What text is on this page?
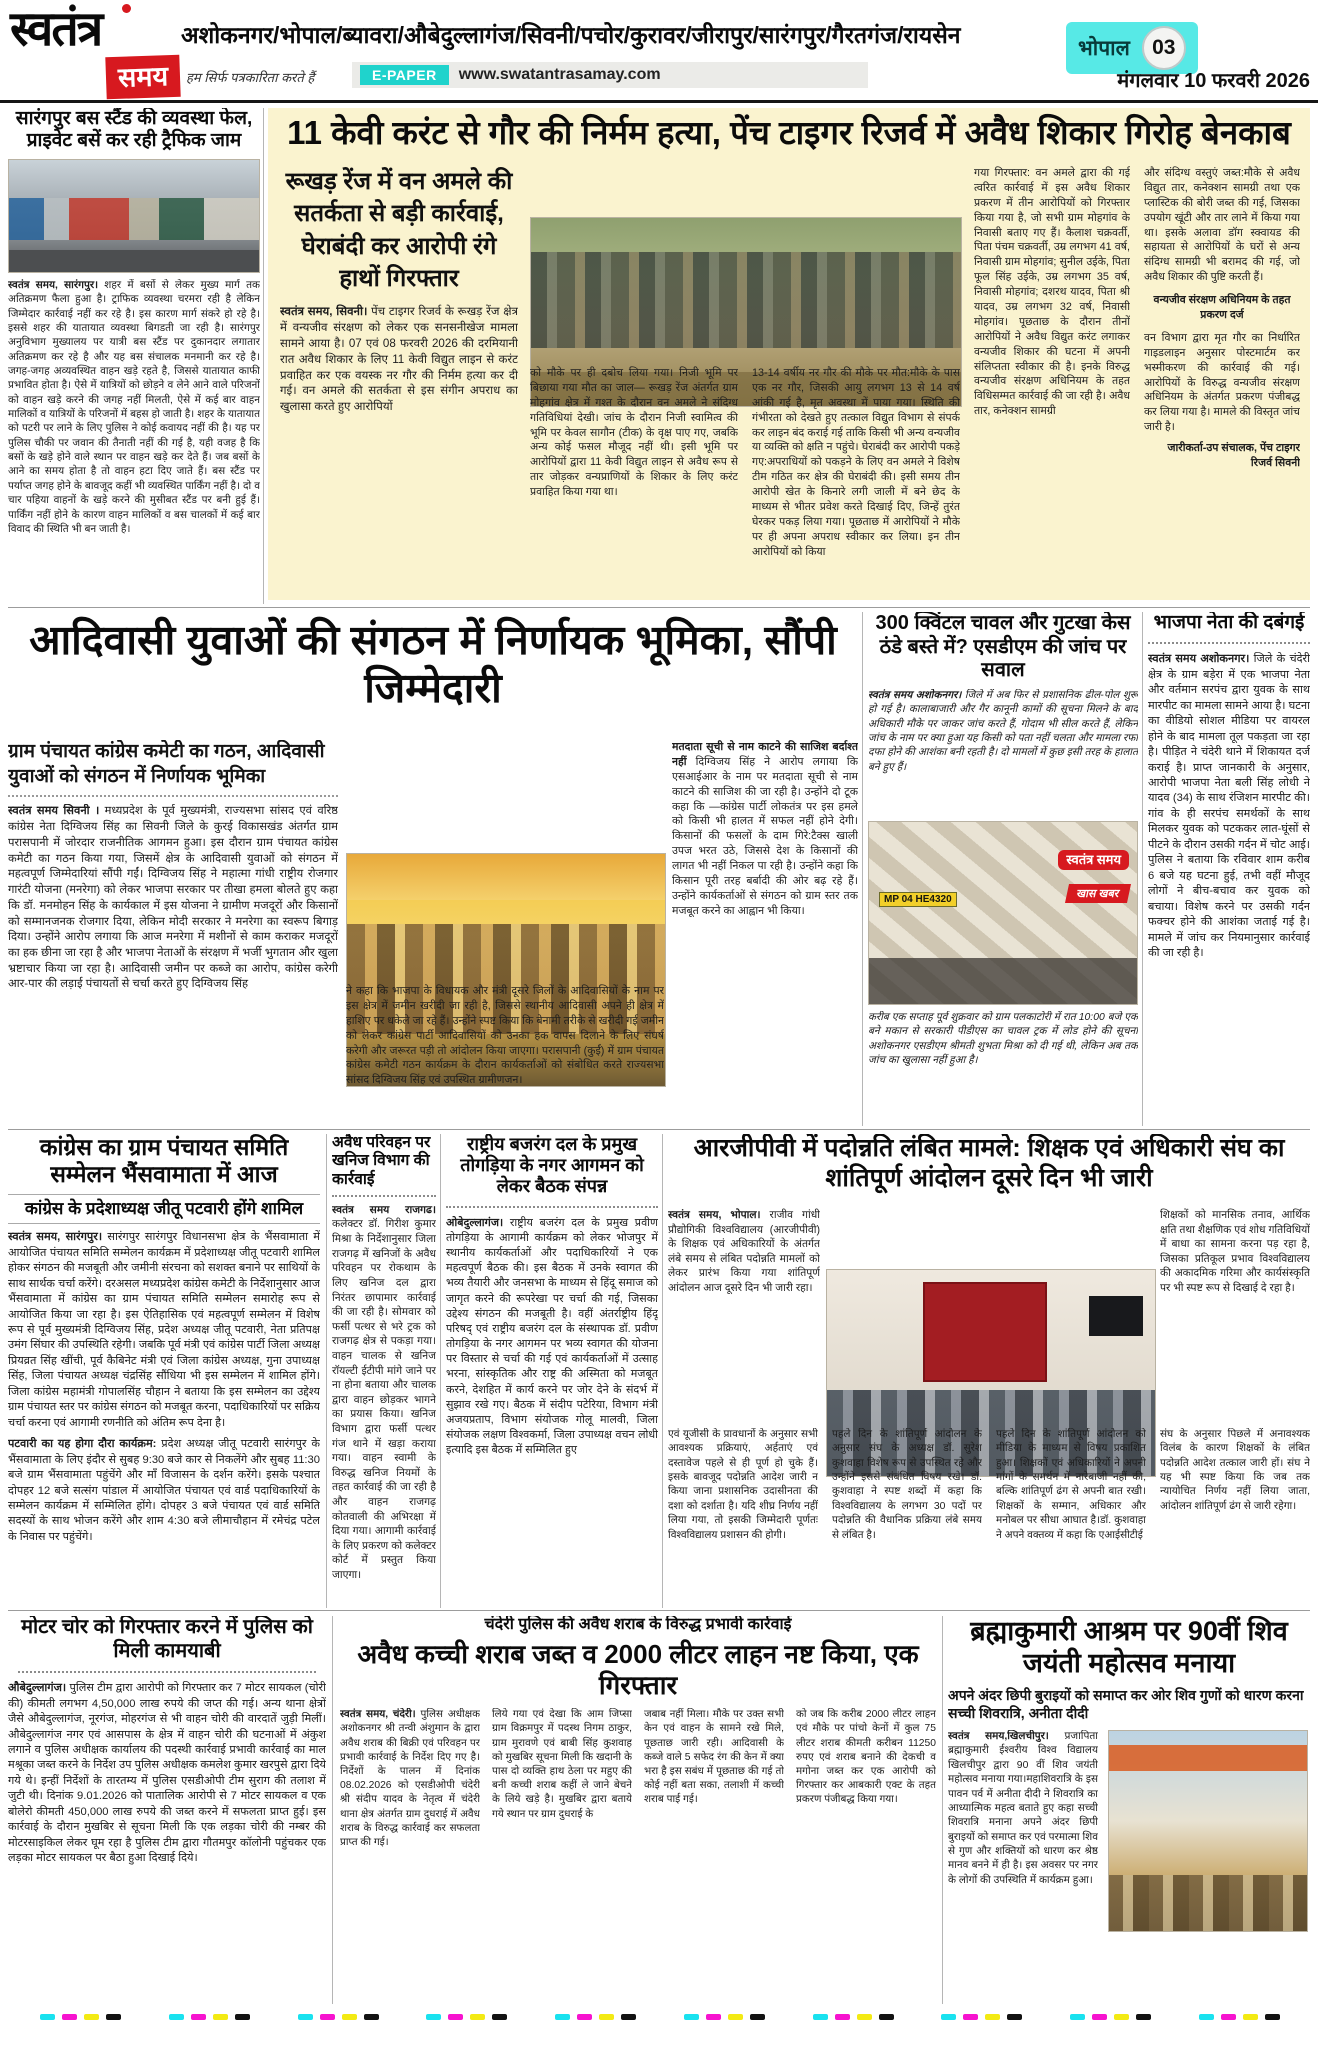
स्वतंत्र
समय
अशोकनगर/भोपाल/ब्यावरा/औबेदुल्लागंज/सिवनी/पचोर/कुरावर/जीरापुर/सारंगपुर/गैरतगंज/रायसेन
हम सिर्फ पत्रकारिता करते हैं	E-PAPER	www.swatantrasamay.com
भोपाल	03
मंगलवार 10 फरवरी 2026
सारंगपुर बस स्टैंड की व्यवस्था फेल, प्राइवेट बसें कर रही ट्रैफिक जाम

स्वतंत्र समय, सारंगपुर। शहर में बसों से लेकर मुख्य मार्ग तक अतिक्रमण फैला हुआ है। ट्राफिक व्यवस्था चरमरा रही है लेकिन जिम्मेदार कार्रवाई नहीं कर रहे है। इस कारण मार्ग संकरे हो रहे है। इससे शहर की यातायात व्यवस्था बिगडती जा रही है। सारंगपुर अनुविभाग मुख्यालय पर यात्री बस स्टैंड पर दुकानदार लगातार अतिक्रमण कर रहे है और यह बस संचालक मनमानी कर रहे है। जगह-जगह अव्यवस्थित वाहन खड़े रहते है, जिससे यातायात काफी प्रभावित होता है। ऐसे में यात्रियों को छोड़ने व लेने आने वाले परिजनों को वाहन खड़े करने की जगह नहीं मिलती, ऐसे में कई बार वाहन मालिकों व यात्रियों के परिजनों में बहस हो जाती है। शहर के यातायात को पटरी पर लाने के लिए पुलिस ने कोई कवायद नहीं की है। यह पर पुलिस चौकी पर जवान की तैनाती नहीं की गई है, यही वजह है कि बसों के खड़े होने वाले स्थान पर वाहन खड़े कर देते हैं। जब बसों के आने का समय होता है तो वाहन हटा दिए जाते हैं। बस स्टैंड पर पर्याप्त जगह होने के बावजूद कहीं भी व्यवस्थित पार्किंग नहीं है। दो व चार पहिया वाहनों के खड़े करने की मुसीबत स्टैंड पर बनी हुई हैं। पार्किंग नहीं होने के कारण वाहन मालिकों व बस चालकों में कई बार विवाद की स्थिति भी बन जाती है।

11 केवी करंट से गौर की निर्मम हत्या, पेंच टाइगर रिजर्व में अवैध शिकार गिरोह बेनकाब
रूखड़ रेंज में वन अमले की सतर्कता से बड़ी कार्रवाई, घेराबंदी कर आरोपी रंगे हाथों गिरफ्तार

स्वतंत्र समय, सिवनी। पेंच टाइगर रिजर्व के रूखड़ रेंज क्षेत्र में वन्यजीव संरक्षण को लेकर एक सनसनीखेज मामला सामने आया है। 07 एवं 08 फरवरी 2026 की दरमियानी रात अवैध शिकार के लिए 11 केवी विद्युत लाइन से करंट प्रवाहित कर एक वयस्क नर गौर की निर्मम हत्या कर दी गई। वन अमले की सतर्कता से इस संगीन अपराध का खुलासा करते हुए आरोपियों

को मौके पर ही दबोच लिया गया। निजी भूमि पर बिछाया गया मौत का जाल— रूखड़ रेंज अंतर्गत ग्राम मोहगांव क्षेत्र में गश्त के दौरान वन अमले ने संदिग्ध गतिविधियां देखी। जांच के दौरान निजी स्वामित्व की भूमि पर केवल सागौन (टीक) के वृक्ष पाए गए, जबकि अन्य कोई फसल मौजूद नहीं थी। इसी भूमि पर आरोपियों द्वारा 11 केवी विद्युत लाइन से अवैध रूप से तार जोड़कर वन्यप्राणियों के शिकार के लिए करंट प्रवाहित किया गया था।

13-14 वर्षीय नर गौर की मौके पर मौत:मौके के पास एक नर गौर, जिसकी आयु लगभग 13 से 14 वर्ष आंकी गई है, मृत अवस्था में पाया गया। स्थिति की गंभीरता को देखते हुए तत्काल विद्युत विभाग से संपर्क कर लाइन बंद कराई गई ताकि किसी भी अन्य वन्यजीव या व्यक्ति को क्षति न पहुंचे। घेराबंदी कर आरोपी पकड़े गए:अपराधियों को पकड़ने के लिए वन अमले ने विशेष टीम गठित कर क्षेत्र की घेराबंदी की। इसी समय तीन आरोपी खेत के किनारे लगी जाली में बने छेद के माध्यम से भीतर प्रवेश करते दिखाई दिए, जिन्हें तुरंत घेरकर पकड़ लिया गया। पूछताछ में आरोपियों ने मौके पर ही अपना अपराध स्वीकार कर लिया। इन तीन आरोपियों को किया

गया गिरफ्तार: वन अमले द्वारा की गई त्वरित कार्रवाई में इस अवैध शिकार प्रकरण में तीन आरोपियों को गिरफ्तार किया गया है, जो सभी ग्राम मोहगांव के निवासी बताए गए हैं। कैलाश चक्रवर्ती, पिता पंचम चक्रवर्ती, उम्र लगभग 41 वर्ष, निवासी ग्राम मोहगांव; सुनील उईके, पिता फूल सिंह उईके, उम्र लगभग 35 वर्ष, निवासी मोहगांव; दशरथ यादव, पिता श्री यादव, उम्र लगभग 32 वर्ष, निवासी मोहगांव। पूछताछ के दौरान तीनों आरोपियों ने अवैध विद्युत करंट लगाकर वन्यजीव शिकार की घटना में अपनी संलिप्तता स्वीकार की है। इनके विरुद्ध वन्यजीव संरक्षण अधिनियम के तहत विधिसम्मत कार्रवाई की जा रही है। अवैध तार, कनेक्शन सामग्री

और संदिग्ध वस्तुएं जब्त:मौके से अवैध विद्युत तार, कनेक्शन सामग्री तथा एक प्लास्टिक की बोरी जब्त की गई, जिसका उपयोग खूंटी और तार लाने में किया गया था। इसके अलावा डॉग स्क्वायड की सहायता से आरोपियों के घरों से अन्य संदिग्ध सामग्री भी बरामद की गई, जो अवैध शिकार की पुष्टि करती हैं।

वन्यजीव संरक्षण अधिनियम के तहत प्रकरण दर्ज

वन विभाग द्वारा मृत गौर का निर्धारित गाइडलाइन अनुसार पोस्टमार्टम कर भस्मीकरण की कार्रवाई की गई। आरोपियों के विरुद्ध वन्यजीव संरक्षण अधिनियम के अंतर्गत प्रकरण पंजीबद्ध कर लिया गया है। मामले की विस्तृत जांच जारी है।

जारीकर्ता-उप संचालक, पेंच टाइगर रिजर्व सिवनी

आदिवासी युवाओं की संगठन में निर्णायक भूमिका, सौंपी जिम्मेदारी
ग्राम पंचायत कांग्रेस कमेटी का गठन, आदिवासी युवाओं को संगठन में निर्णायक भूमिका

स्वतंत्र समय सिवनी । मध्यप्रदेश के पूर्व मुख्यमंत्री, राज्यसभा सांसद एवं वरिष्ठ कांग्रेस नेता दिग्विजय सिंह का सिवनी जिले के कुरई विकासखंड अंतर्गत ग्राम परासपानी में जोरदार राजनीतिक आगमन हुआ। इस दौरान ग्राम पंचायत कांग्रेस कमेटी का गठन किया गया, जिसमें क्षेत्र के आदिवासी युवाओं को संगठन में महत्वपूर्ण जिम्मेदारियां सौंपी गईं। दिग्विजय सिंह ने महात्मा गांधी राष्ट्रीय रोजगार गारंटी योजना (मनरेगा) को लेकर भाजपा सरकार पर तीखा हमला बोलते हुए कहा कि डॉ. मनमोहन सिंह के कार्यकाल में इस योजना ने ग्रामीण मजदूरों और किसानों को सम्मानजनक रोजगार दिया, लेकिन मोदी सरकार ने मनरेगा का स्वरूप बिगाड़ दिया। उन्होंने आरोप लगाया कि आज मनरेगा में मशीनों से काम कराकर मजदूरों का हक छीना जा रहा है और भाजपा नेताओं के संरक्षण में भर्जी भुगतान और खुला भ्रष्टाचार किया जा रहा है। आदिवासी जमीन पर कब्जे का आरोप, कांग्रेस करेगी आर-पार की लड़ाई पंचायतों से चर्चा करते हुए दिग्विजय सिंह

ने कहा कि भाजपा के विधायक और मंत्री दूसरे जिलों के आदिवासियों के नाम पर इस क्षेत्र में जमीन खरीदी जा रही है, जिससे स्थानीय आदिवासी अपने ही क्षेत्र में हाशिए पर धकेले जा रहे हैं। उन्होंने स्पष्ट किया कि बेनामी तरीके से खरीदी गई जमीन को लेकर कांग्रेस पार्टी आदिवासियों को उनका हक वापस दिलाने के लिए संघर्ष करेगी और जरूरत पड़ी तो आंदोलन किया जाएगा। परासपानी (कुर्ई) में ग्राम पंचायत कांग्रेस कमेटी गठन कार्यक्रम के दौरान कार्यकर्ताओं को संबोधित करते राज्यसभा सांसद दिग्विजय सिंह एवं उपस्थित ग्रामीणजन।

मतदाता सूची से नाम काटने की साजिश बर्दाश्त नहीं दिग्विजय सिंह ने आरोप लगाया कि एसआईआर के नाम पर मतदाता सूची से नाम काटने की साजिश की जा रही है। उन्होंने दो टूक कहा कि —कांग्रेस पार्टी लोकतंत्र पर इस हमले को किसी भी हालत में सफल नहीं होने देगी। किसानों की फसलों के दाम गिरे:टैक्स खाली उपज भरत उठे, जिससे देश के किसानों की लागत भी नहीं निकल पा रही है। उन्होंने कहा कि किसान पूरी तरह बर्बादी की ओर बढ़ रहे हैं। उन्होंने कार्यकर्ताओं से संगठन को ग्राम स्तर तक मजबूत करने का आह्वान भी किया।

300 क्विंटल चावल और गुटखा केस ठंडे बस्ते में? एसडीएम की जांच पर सवाल

स्वतंत्र समय अशोकनगर। जिले में अब फिर से प्रशासनिक ढील-पोल शुरू हो गई है। कालाबाजारी और गैर कानूनी कामों की सूचना मिलने के बाद अधिकारी मौके पर जाकर जांच करते हैं, गोदाम भी सील करते हैं, लेकिन जांच के नाम पर क्या हुआ यह किसी को पता नहीं चलता और मामला रफा दफा होने की आशंका बनी रहती है। दो मामलों में कुछ इसी तरह के हालात बने हुए हैं।

MP 04 HE4320
स्वतंत्र समय
खास खबर

करीब एक सप्ताह पूर्व शुक्रवार को ग्राम पलकाटोरी में रात 10:00 बजे एक बने मकान से सरकारी पीडीएस का चावल ट्रक में लोड होने की सूचना अशोकनगर एसडीएम श्रीमती शुभता मिश्रा को दी गई थी, लेकिन अब तक जांच का खुलासा नहीं हुआ है।

भाजपा नेता की दबंगई

स्वतंत्र समय अशोकनगर। जिले के चंदेरी क्षेत्र के ग्राम बड़ेरा में एक भाजपा नेता और वर्तमान सरपंच द्वारा युवक के साथ मारपीट का मामला सामने आया है। घटना का वीडियो सोशल मीडिया पर वायरल होने के बाद मामला तूल पकड़ता जा रहा है। पीड़ित ने चंदेरी थाने में शिकायत दर्ज कराई है। प्राप्त जानकारी के अनुसार, आरोपी भाजपा नेता बली सिंह लोधी ने यादव (34) के साथ रंजिशन मारपीट की। गांव के ही सरपंच समर्थकों के साथ मिलकर युवक को पटककर लात-घूंसों से पीटने के दौरान उसकी गर्दन में चोट आई। पुलिस ने बताया कि रविवार शाम करीब 6 बजे यह घटना हुई, तभी वहीं मौजूद लोगों ने बीच-बचाव कर युवक को बचाया। विशेष करने पर उसकी गर्दन फक्चर होने की आशंका जताई गई है। मामले में जांच कर नियमानुसार कार्रवाई की जा रही है।

कांग्रेस का ग्राम पंचायत समिति सम्मेलन भैंसवामाता में आज
कांग्रेस के प्रदेशाध्यक्ष जीतू पटवारी होंगे शामिल

स्वतंत्र समय, सारंगपुर। सारंगपुर सारंगपुर विधानसभा क्षेत्र के भैंसवामाता में आयोजित पंचायत समिति सम्मेलन कार्यक्रम में प्रदेशाध्यक्ष जीतू पटवारी शामिल होकर संगठन की मजबूती और जमीनी संरचना को सशक्त बनाने पर साथियों के साथ सार्थक चर्चा करेंगे। दरअसल मध्यप्रदेश कांग्रेस कमेटी के निर्देशानुसार आज भैंसवामाता में कांग्रेस का ग्राम पंचायत समिति सम्मेलन समारोह रूप से आयोजित किया जा रहा है। इस ऐतिहासिक एवं महत्वपूर्ण सम्मेलन में विशेष रूप से पूर्व मुख्यमंत्री दिग्विजय सिंह, प्रदेश अध्यक्ष जीतू पटवारी, नेता प्रतिपक्ष उमंग सिंघार की उपस्थिति रहेगी। जबकि पूर्व मंत्री एवं कांग्रेस पार्टी जिला अध्यक्ष प्रियव्रत सिंह खींची, पूर्व कैबिनेट मंत्री एवं जिला कांग्रेस अध्यक्ष, गुना उपाध्यक्ष सिंह, जिला पंचायत अध्यक्ष चंद्रसिंह सौंधिया भी इस सम्मेलन में शामिल होंगे। जिला कांग्रेस महामंत्री गोपालसिंह चौहान ने बताया कि इस सम्मेलन का उद्देश्य ग्राम पंचायत स्तर पर कांग्रेस संगठन को मजबूत करना, पदाधिकारियों पर सक्रिय चर्चा करना एवं आगामी रणनीति को अंतिम रूप देना है।

पटवारी का यह होगा दौरा कार्यक्रम: प्रदेश अध्यक्ष जीतू पटवारी सारंगपुर के भैंसवामाता के लिए इंदौर से सुबह 9:30 बजे कार से निकलेंगे और सुबह 11:30 बजे ग्राम भैंसवामाता पहुंचेंगे और माँ विजासन के दर्शन करेंगे। इसके पश्चात दोपहर 12 बजे सत्संग पांडाल में आयोजित पंचायत एवं वार्ड पदाधिकारियों के सम्मेलन कार्यक्रम में सम्मिलित होंगे। दोपहर 3 बजे पंचायत एवं वार्ड समिति सदस्यों के साथ भोजन करेंगे और शाम 4:30 बजे लीमाचौहान में रमेचंद्र पटेल के निवास पर पहुंचेंगे।

अवैध परिवहन पर खनिज विभाग की कार्रवाई

स्वतंत्र समय राजगढ। कलेक्टर डॉ. गिरीश कुमार मिश्रा के निर्देशानुसार जिला राजगढ़ में खनिजों के अवैध परिवहन पर रोकथाम के लिए खनिज दल द्वारा निरंतर छापामार कार्रवाई की जा रही है। सोमवार को फर्सी पत्थर से भरे ट्रक को राजगढ़ क्षेत्र से पकड़ा गया। वाहन चालक से खनिज रॉयल्टी ईटीपी मांगे जाने पर ना होना बताया और चालक द्वारा वाहन छोड़कर भागने का प्रयास किया। खनिज विभाग द्वारा फर्सी पत्थर गंज थाने में खड़ा कराया गया। वाहन स्वामी के विरुद्ध खनिज नियमों के तहत कार्रवाई की जा रही है और वाहन राजगढ़ कोतवाली की अभिरक्षा में दिया गया। आगामी कार्रवाई के लिए प्रकरण को कलेक्टर कोर्ट में प्रस्तुत किया जाएगा।

राष्ट्रीय बजरंग दल के प्रमुख तोगड़िया के नगर आगमन को लेकर बैठक संपन्न

ओबेदुल्लागंज। राष्ट्रीय बजरंग दल के प्रमुख प्रवीण तोगड़िया के आगामी कार्यक्रम को लेकर भोजपुर में स्थानीय कार्यकर्ताओं और पदाधिकारियों ने एक महत्वपूर्ण बैठक की। इस बैठक में उनके स्वागत की भव्य तैयारी और जनसभा के माध्यम से हिंदू समाज को जागृत करने की रूपरेखा पर चर्चा की गई, जिसका उद्देश्य संगठन की मजबूती है। वहीं अंतर्राष्ट्रीय हिंदू परिषद् एवं राष्ट्रीय बजरंग दल के संस्थापक डॉ. प्रवीण तोगड़िया के नगर आगमन पर भव्य स्वागत की योजना पर विस्तार से चर्चा की गई एवं कार्यकर्ताओं में उत्साह भरना, सांस्कृतिक और राष्ट्र की अस्मिता को मजबूत करने, देशहित में कार्य करने पर जोर देने के संदर्भ में सुझाव रखे गए। बैठक में संदीप पटेरिया, विभाग मंत्री अजयप्रताप, विभाग संयोजक गोलू मालवी, जिला संयोजक लक्षण विश्वकर्मा, जिला उपाध्यक्ष वचन लोधी इत्यादि इस बैठक में सम्मिलित हुए

आरजीपीवी में पदोन्नति लंबित मामले: शिक्षक एवं अधिकारी संघ का शांतिपूर्ण आंदोलन दूसरे दिन भी जारी

स्वतंत्र समय, भोपाल। राजीव गांधी प्रौद्योगिकी विश्वविद्यालय (आरजीपीवी) के शिक्षक एवं अधिकारियों के अंतर्गत लंबे समय से लंबित पदोन्नति मामलों को लेकर प्रारंभ किया गया शांतिपूर्ण आंदोलन आज दूसरे दिन भी जारी रहा।

शिक्षकों को मानसिक तनाव, आर्थिक क्षति तथा शैक्षणिक एवं शोध गतिविधियों में बाधा का सामना करना पड़ रहा है, जिसका प्रतिकूल प्रभाव विश्वविद्यालय की अकादमिक गरिमा और कार्यसंस्कृति पर भी स्पष्ट रूप से दिखाई दे रहा है।

एवं यूजीसी के प्रावधानों के अनुसार सभी आवश्यक प्रक्रियाएं, अर्हताएं एवं दस्तावेज पहले से ही पूर्ण हो चुके हैं। इसके बावजूद पदोन्नति आदेश जारी न किया जाना प्रशासनिक उदासीनता की दशा को दर्शाता है। यदि शीघ्र निर्णय नहीं लिया गया, तो इसकी जिम्मेदारी पूर्णतः विश्वविद्यालय प्रशासन की होगी।

पहले दिन के शांतिपूर्ण आंदोलन के अनुसार संघ के अध्यक्ष डॉ. सुरेश कुशवाहा विशेष रूप से उपस्थित रहे और उन्होंने इससे संबंधित विषय रखे। डॉ. कुशवाहा ने स्पष्ट शब्दों में कहा कि विश्वविद्यालय के लगभग 30 पदों पर पदोन्नति की वैधानिक प्रक्रिया लंबे समय से लंबित है।

पहले दिन के शांतिपूर्ण आंदोलन को मीडिया के माध्यम से विषय प्रकाशित हुआ। शिक्षकों एवं अधिकारियों ने अपनी मांगों के समर्थन में नारेबाजी नहीं की, बल्कि शांतिपूर्ण ढंग से अपनी बात रखी। शिक्षकों के सम्मान, अधिकार और मनोबल पर सीधा आघात है।डॉ. कुशवाहा ने अपने वक्तव्य में कहा कि एआईसीटीई

संघ के अनुसार पिछले में अनावश्यक विलंब के कारण शिक्षकों के लंबित पदोन्नति आदेश तत्काल जारी हों। संघ ने यह भी स्पष्ट किया कि जब तक न्यायोचित निर्णय नहीं लिया जाता, आंदोलन शांतिपूर्ण ढंग से जारी रहेगा।

मोटर चोर को गिरफ्तार करने में पुलिस को मिली कामयाबी

औबेदुल्लागंज। पुलिस टीम द्वारा आरोपी को गिरफ्तार कर 7 मोटर सायकल (चोरी की) कीमती लगभग 4,50,000 लाख रुपये की जप्त की गई। अन्य थाना क्षेत्रों जैसे औबेदुल्लागंज, नूरगंज, मोहरगंज से भी वाहन चोरी की वारदातें जुड़ी मिलीं।औबेदुल्लागंज नगर एवं आसपास के क्षेत्र में वाहन चोरी की घटनाओं में अंकुश लगाने व पुलिस अधीक्षक कार्यालय की पदस्थी कार्रवाई प्रभावी कार्रवाई का माल मश्रूका जब्त करने के निर्देश उप पुलिस अधीक्षक कमलेश कुमार खरपुसे द्वारा दिये गये थे। इन्हीं निर्देशों के तारतम्य में पुलिस एसडीओपी टीम सुराग की तलाश में जुटी थी। दिनांक 9.01.2026 को पातालिक आरोपी से 7 मोटर सायकल व एक बोलेरो कीमती 450,000 लाख रुपये की जब्त करने में सफलता प्राप्त हुई। इस कार्रवाई के दौरान मुखबिर से सूचना मिली कि एक लड़का चोरी की नम्बर की मोटरसाइकिल लेकर घूम रहा है पुलिस टीम द्वारा गौतमपुर कॉलोनी पहुंचकर एक लड़का मोटर सायकल पर बैठा हुआ दिखाई दिये।

चंदेरी पुलिस की अवैध शराब के विरुद्ध प्रभावी कार्रवाई
अवैध कच्ची शराब जब्त व 2000 लीटर लाहन नष्ट किया, एक गिरफ्तार

स्वतंत्र समय, चंदेरी। पुलिस अधीक्षक अशोकनगर श्री तन्वी अंशुमान के द्वारा अवैध शराब की बिक्री एवं परिवहन पर प्रभावी कार्रवाई के निर्देश दिए गए है। निर्देशों के पालन में दिनांक 08.02.2026 को एसडीओपी चंदेरी श्री संदीप यादव के नेतृत्व में चंदेरी थाना क्षेत्र अंतर्गत ग्राम दुधराई में अवैध शराब के विरुद्ध कार्रवाई कर सफलता प्राप्त की गई।

लिये गया एवं देखा कि आम जिप्सा ग्राम विक्रमपुर में पदस्थ निगम ठाकुर, ग्राम मुरावणे एवं बाबी सिंह कुशवाह को मुखबिर सूचना मिली कि खदानी के पास दो व्यक्ति हाथ ठेला पर महुए की बनी कच्ची शराब कहीं ले जाने बेचने के लिये खड़े है। मुखबिर द्वारा बताये गये स्थान पर ग्राम दुधराई के

जबाब नहीं मिला। मौके पर उक्त सभी केन एवं वाहन के सामने रखे मिले, पूछताछ जारी रही। आदिवासी के कब्जे वाले 5 सफेद रंग की केन में क्या भरा है इस सबंध में पूछताछ की गई तो कोई नहीं बता सका, तलाशी में कच्ची शराब पाई गई।

को जब कि करीब 2000 लीटर लाहन एवं मौके पर पांचो केनों में कुल 75 लीटर शराब कीमती करीबन 11250 रुपए एवं शराब बनाने की देकची व मगोना जब्त कर एक आरोपी को गिरफ्तार कर आबकारी एक्ट के तहत प्रकरण पंजीबद्ध किया गया।

ब्रह्माकुमारी आश्रम पर 90वीं शिव जयंती महोत्सव मनाया
अपने अंदर छिपी बुराइयों को समाप्त कर ओर शिव गुणों को धारण करना सच्ची शिवरात्रि, अनीता दीदी

स्वतंत्र समय,खिलचीपुर। प्रजापिता ब्रह्माकुमारी ईश्वरीय विश्व विद्यालय खिलचीपुर द्वारा 90 वीं शिव जयंती महोत्सव मनाया गया।महाशिवरात्रि के इस पावन पर्व में अनीता दीदी ने शिवरात्रि का आध्यात्मिक महत्व बताते हुए कहा सच्ची शिवरात्रि मनाना अपने अंदर छिपी बुराइयों को समाप्त कर एवं परमात्मा शिव से गुण और शक्तियों को धारण कर श्रेष्ठ मानव बनने में ही है। इस अवसर पर नगर के लोगों की उपस्थिति में कार्यक्रम हुआ।
